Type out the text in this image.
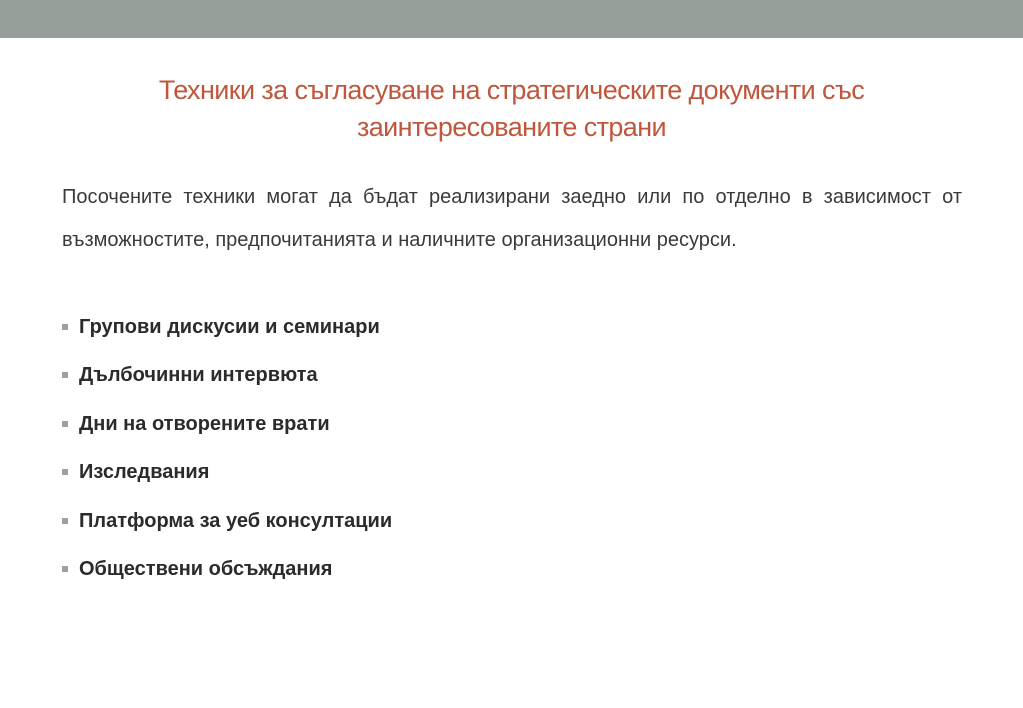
Техники за съгласуване на стратегическите документи със заинтересованите страни

Посочените техники могат да бъдат реализирани заедно или по отделно в зависимост от възможностите, предпочитанията и наличните организационни ресурси.

Групови дискусии и семинари
Дълбочинни интервюта
Дни на отворените врати
Изследвания
Платформа за уеб консултации
Обществени обсъждания
